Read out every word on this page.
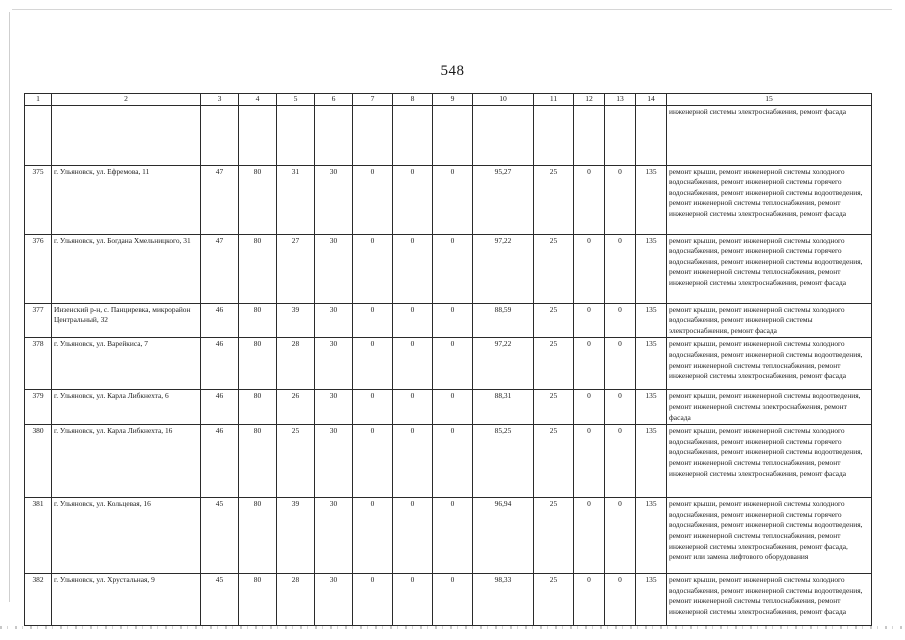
548
1	2	3	4	5	6	7	8	9	10	11	12	13	14	15
														инженерной системы электроснабжения, ремонт фасада
375	г. Ульяновск, ул. Ефремова, 11	47	80	31	30	0	0	0	95,27	25	0	0	135	ремонт крыши, ремонт инженерной системы холодного водоснабжения, ремонт инженерной системы горячего водоснабжения, ремонт инженерной системы водоотведения, ремонт инженерной системы теплоснабжения, ремонт инженерной системы электроснабжения, ремонт фасада
376	г. Ульяновск, ул. Богдана Хмельницкого, 31	47	80	27	30	0	0	0	97,22	25	0	0	135	ремонт крыши, ремонт инженерной системы холодного водоснабжения, ремонт инженерной системы горячего водоснабжения, ремонт инженерной системы водоотведения, ремонт инженерной системы теплоснабжения, ремонт инженерной системы электроснабжения, ремонт фасада
377	Инзенский р-н, с. Панциревка, микрорайон Центральный, 32	46	80	39	30	0	0	0	88,59	25	0	0	135	ремонт крыши, ремонт инженерной системы холодного водоснабжения, ремонт инженерной системы электроснабжения, ремонт фасада
378	г. Ульяновск, ул. Варейкиса, 7	46	80	28	30	0	0	0	97,22	25	0	0	135	ремонт крыши, ремонт инженерной системы холодного водоснабжения, ремонт инженерной системы водоотведения, ремонт инженерной системы теплоснабжения, ремонт инженерной системы электроснабжения, ремонт фасада
379	г. Ульяновск, ул. Карла Либкнехта, 6	46	80	26	30	0	0	0	88,31	25	0	0	135	ремонт крыши, ремонт инженерной системы водоотведения, ремонт инженерной системы электроснабжения, ремонт фасада
380	г. Ульяновск, ул. Карла Либкнехта, 16	46	80	25	30	0	0	0	85,25	25	0	0	135	ремонт крыши, ремонт инженерной системы холодного водоснабжения, ремонт инженерной системы горячего водоснабжения, ремонт инженерной системы водоотведения, ремонт инженерной системы теплоснабжения, ремонт инженерной системы электроснабжения, ремонт фасада
381	г. Ульяновск, ул. Кольцевая, 16	45	80	39	30	0	0	0	96,94	25	0	0	135	ремонт крыши, ремонт инженерной системы холодного водоснабжения, ремонт инженерной системы горячего водоснабжения, ремонт инженерной системы водоотведения, ремонт инженерной системы теплоснабжения, ремонт инженерной системы электроснабжения, ремонт фасада, ремонт или замена лифтового оборудования
382	г. Ульяновск, ул. Хрустальная, 9	45	80	28	30	0	0	0	98,33	25	0	0	135	ремонт крыши, ремонт инженерной системы холодного водоснабжения, ремонт инженерной системы водоотведения, ремонт инженерной системы теплоснабжения, ремонт инженерной системы электроснабжения, ремонт фасада
